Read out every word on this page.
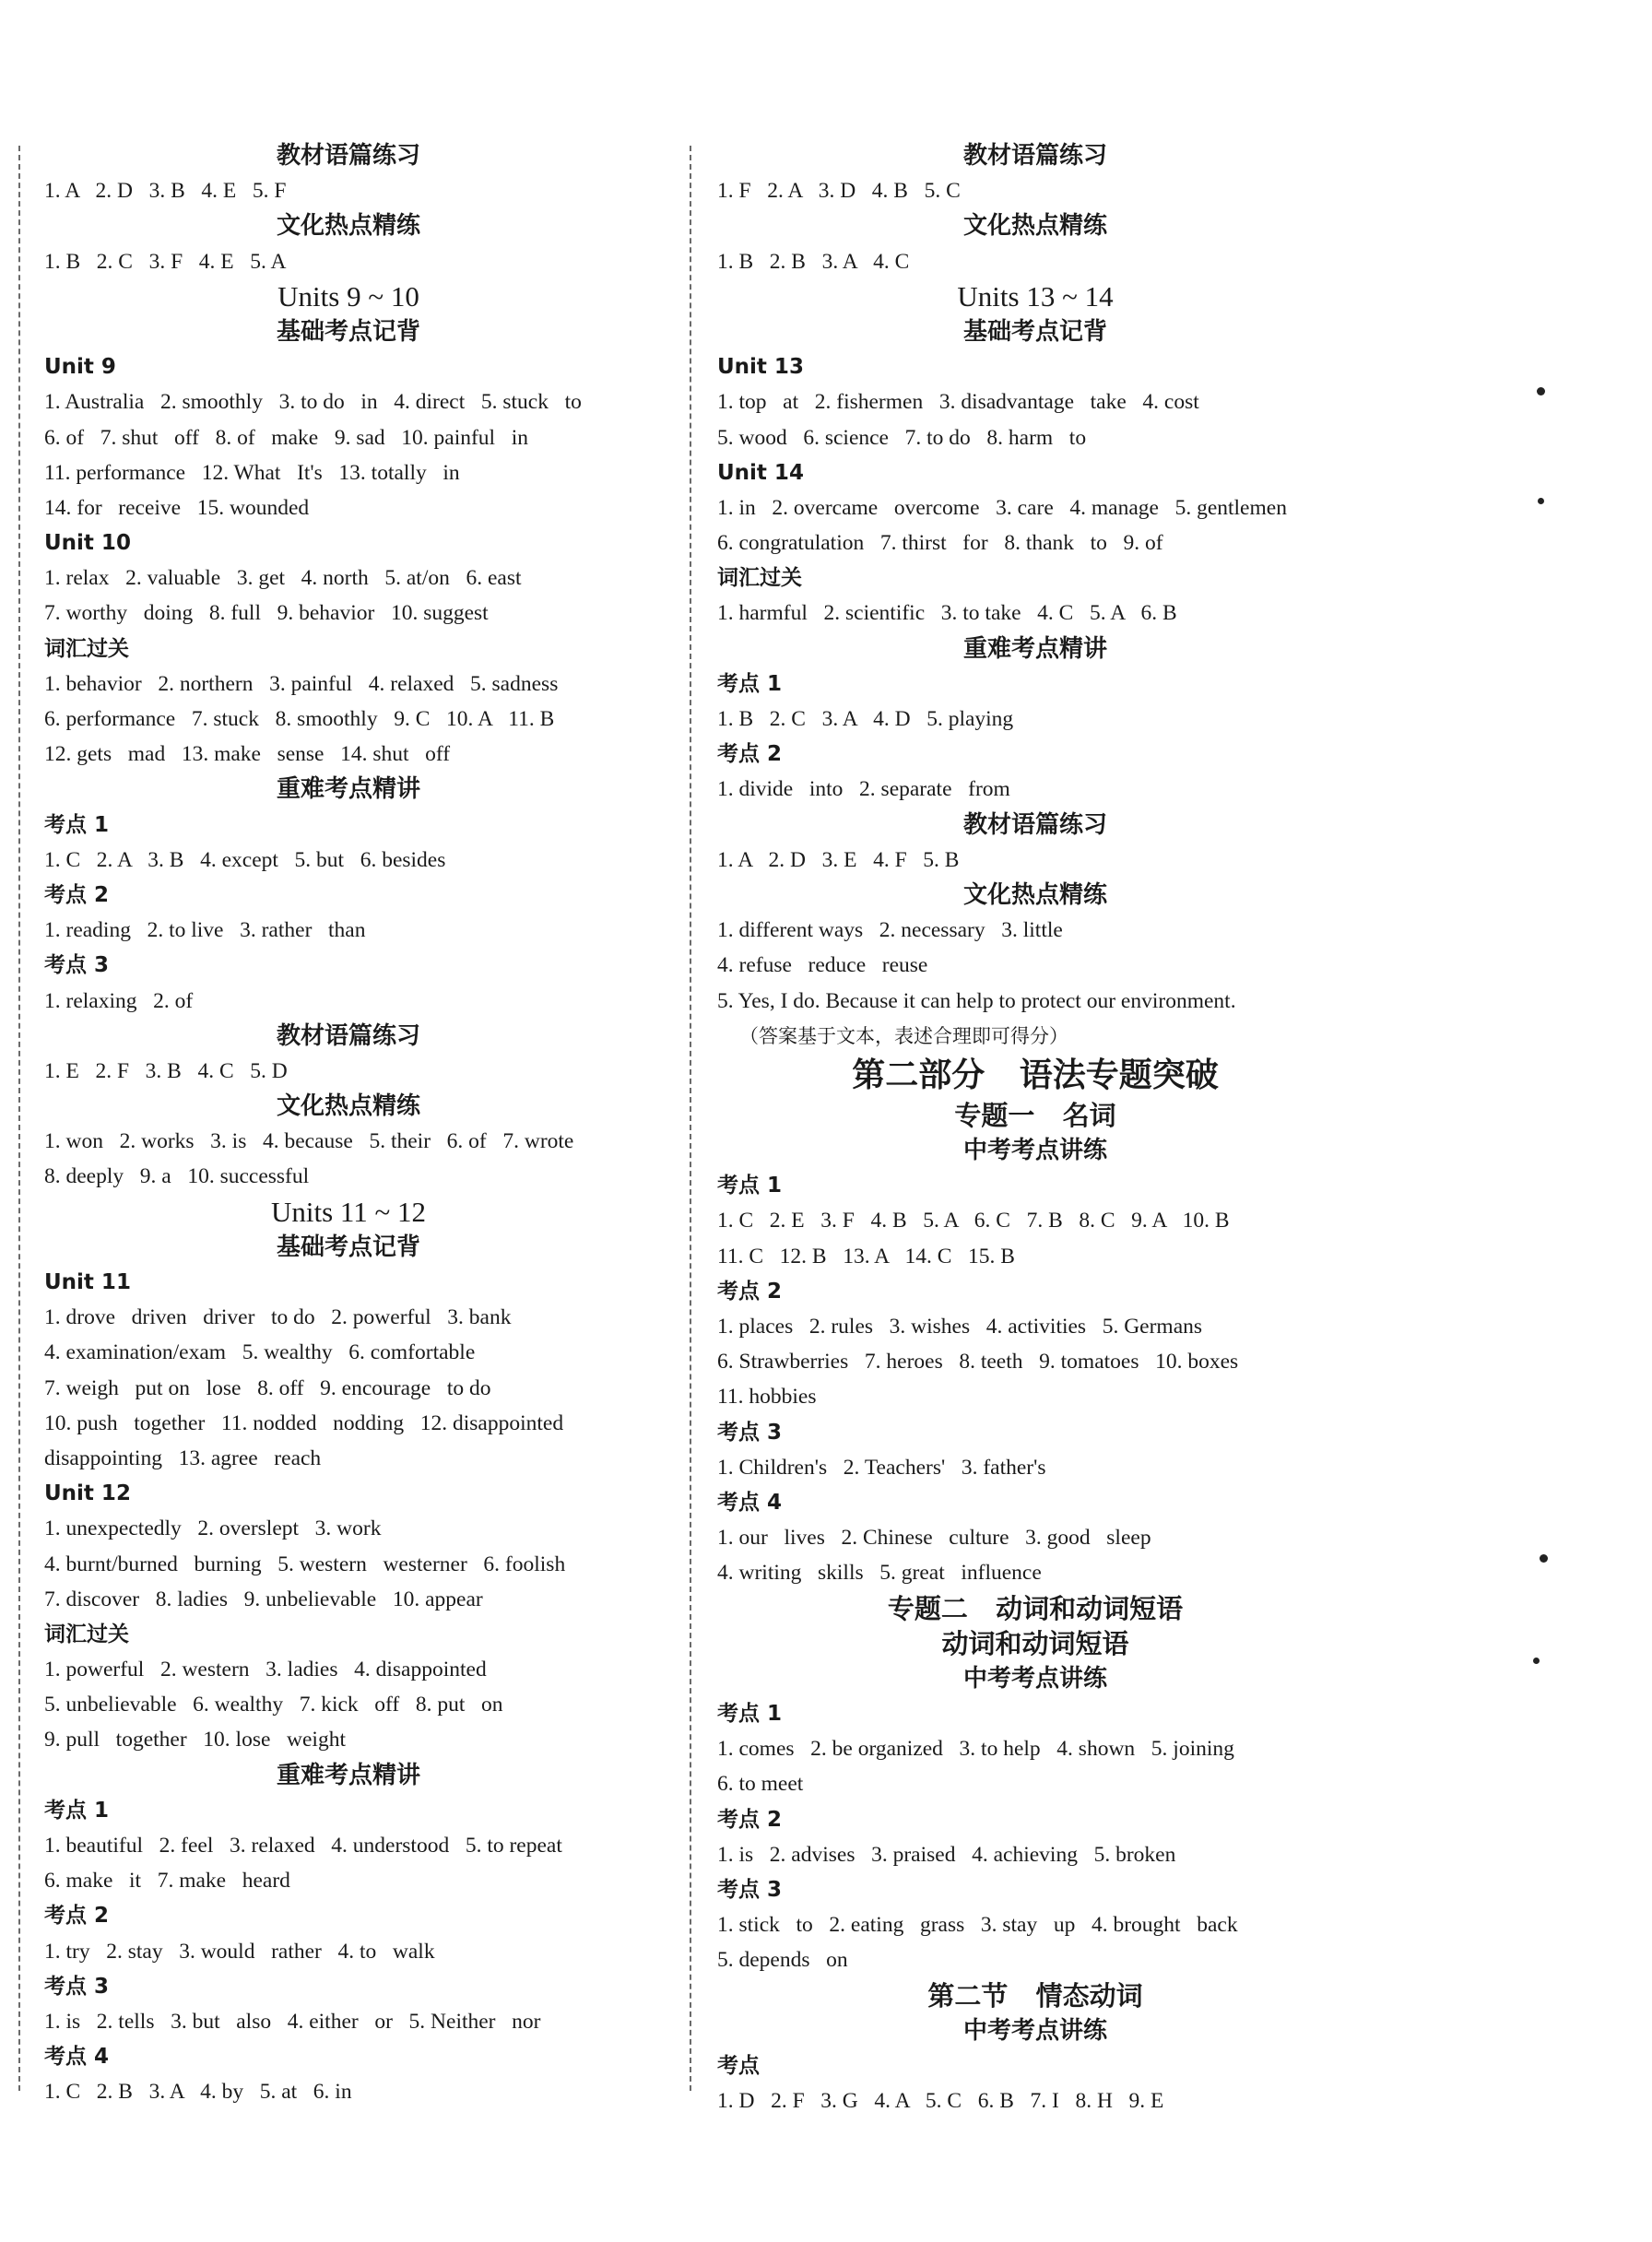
教材语篇练习
1. A   2. D   3. B   4. E   5. F
文化热点精练
1. B   2. C   3. F   4. E   5. A
Units 9 ~ 10
基础考点记背
Unit 9
1. Australia   2. smoothly   3. to do   in   4. direct   5. stuck   to
6. of   7. shut   off   8. of   make   9. sad   10. painful   in
11. performance   12. What   It's   13. totally   in
14. for   receive   15. wounded
Unit 10
1. relax   2. valuable   3. get   4. north   5. at/on   6. east
7. worthy   doing   8. full   9. behavior   10. suggest
词汇过关
1. behavior   2. northern   3. painful   4. relaxed   5. sadness
6. performance   7. stuck   8. smoothly   9. C   10. A   11. B
12. gets   mad   13. make   sense   14. shut   off
重难考点精讲
考点 1
1. C   2. A   3. B   4. except   5. but   6. besides
考点 2
1. reading   2. to live   3. rather   than
考点 3
1. relaxing   2. of
教材语篇练习
1. E   2. F   3. B   4. C   5. D
文化热点精练
1. won   2. works   3. is   4. because   5. their   6. of   7. wrote
8. deeply   9. a   10. successful
Units 11 ~ 12
基础考点记背
Unit 11
1. drove   driven   driver   to do   2. powerful   3. bank
4. examination/exam   5. wealthy   6. comfortable
7. weigh   put on   lose   8. off   9. encourage   to do
10. push   together   11. nodded   nodding   12. disappointed
disappointing   13. agree   reach
Unit 12
1. unexpectedly   2. overslept   3. work
4. burnt/burned   burning   5. western   westerner   6. foolish
7. discover   8. ladies   9. unbelievable   10. appear
词汇过关
1. powerful   2. western   3. ladies   4. disappointed
5. unbelievable   6. wealthy   7. kick   off   8. put   on
9. pull   together   10. lose   weight
重难考点精讲
考点 1
1. beautiful   2. feel   3. relaxed   4. understood   5. to repeat
6. make   it   7. make   heard
考点 2
1. try   2. stay   3. would   rather   4. to   walk
考点 3
1. is   2. tells   3. but   also   4. either   or   5. Neither   nor
考点 4
1. C   2. B   3. A   4. by   5. at   6. in
教材语篇练习
1. F   2. A   3. D   4. B   5. C
文化热点精练
1. B   2. B   3. A   4. C
Units 13 ~ 14
基础考点记背
Unit 13
1. top   at   2. fishermen   3. disadvantage   take   4. cost
5. wood   6. science   7. to do   8. harm   to
Unit 14
1. in   2. overcame   overcome   3. care   4. manage   5. gentlemen
6. congratulation   7. thirst   for   8. thank   to   9. of
词汇过关
1. harmful   2. scientific   3. to take   4. C   5. A   6. B
重难考点精讲
考点 1
1. B   2. C   3. A   4. D   5. playing
考点 2
1. divide   into   2. separate   from
教材语篇练习
1. A   2. D   3. E   4. F   5. B
文化热点精练
1. different ways   2. necessary   3. little
4. refuse   reduce   reuse
5. Yes, I do. Because it can help to protect our environment.
（答案基于文本，表述合理即可得分）
第二部分   语法专题突破
专题一   名词
中考考点讲练
考点 1
1. C   2. E   3. F   4. B   5. A   6. C   7. B   8. C   9. A   10. B
11. C   12. B   13. A   14. C   15. B
考点 2
1. places   2. rules   3. wishes   4. activities   5. Germans
6. Strawberries   7. heroes   8. teeth   9. tomatoes   10. boxes
11. hobbies
考点 3
1. Children's   2. Teachers'   3. father's
考点 4
1. our   lives   2. Chinese   culture   3. good   sleep
4. writing   skills   5. great   influence
专题二   动词和动词短语
动词和动词短语
中考考点讲练
考点 1
1. comes   2. be organized   3. to help   4. shown   5. joining
6. to meet
考点 2
1. is   2. advises   3. praised   4. achieving   5. broken
考点 3
1. stick   to   2. eating   grass   3. stay   up   4. brought   back
5. depends   on
第二节   情态动词
中考考点讲练
考点
1. D   2. F   3. G   4. A   5. C   6. B   7. I   8. H   9. E
